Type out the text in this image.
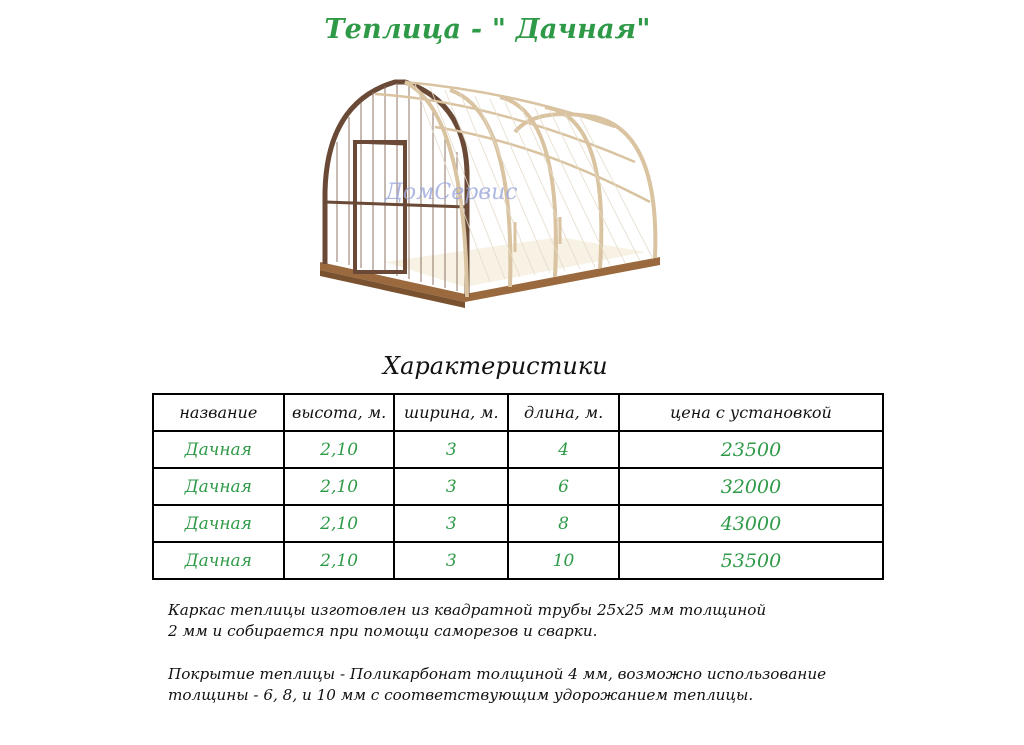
Теплица - " Дачная"
ДомСервис
Характеристики
название	высота, м.	ширина, м.	длина, м.	цена с установкой
Дачная	2,10	3	4	23500
Дачная	2,10	3	6	32000
Дачная	2,10	3	8	43000
Дачная	2,10	3	10	53500

Каркас теплицы изготовлен из квадратной трубы 25х25 мм толщиной
2 мм и собирается при помощи саморезов и сварки.

Покрытие теплицы - Поликарбонат толщиной 4 мм, возможно использование
толщины - 6, 8, и 10 мм с соответствующим удорожанием теплицы.
